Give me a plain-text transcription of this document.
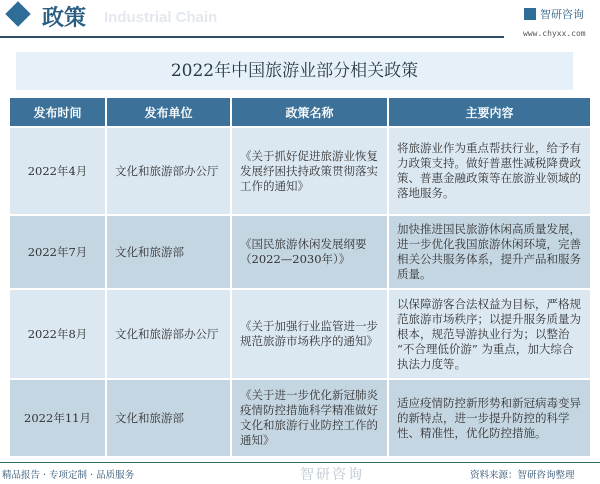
Industrial Chain
政策	智研咨询
www.chyxx.com
2022年中国旅游业部分相关政策
发布时间	发布单位	政策名称	主要内容
2022年4月	文化和旅游部办公厅	《关于抓好促进旅游业恢复发展纾困扶持政策贯彻落实工作的通知》	将旅游业作为重点帮扶行业，给予有力政策支持。做好普惠性减税降费政策、普惠金融政策等在旅游业领域的落地服务。
2022年7月	文化和旅游部	《国民旅游休闲发展纲要（2022—2030年）》	加快推进国民旅游休闲高质量发展，进一步优化我国旅游休闲环境，完善相关公共服务体系，提升产品和服务质量。
2022年8月	文化和旅游部办公厅	《关于加强行业监管进一步规范旅游市场秩序的通知》	以保障游客合法权益为目标，严格规范旅游市场秩序；以提升服务质量为根本，规范导游执业行为；以整治 “不合理低价游” 为重点，加大综合执法力度等。
2022年11月	文化和旅游部	《关于进一步优化新冠肺炎疫情防控措施科学精准做好文化和旅游行业防控工作的通知》	适应疫情防控新形势和新冠病毒变异的新特点，进一步提升防控的科学性、精准性，优化防控措施。
精品报告 · 专项定制 · 品质服务	智研咨询	资料来源：智研咨询整理
